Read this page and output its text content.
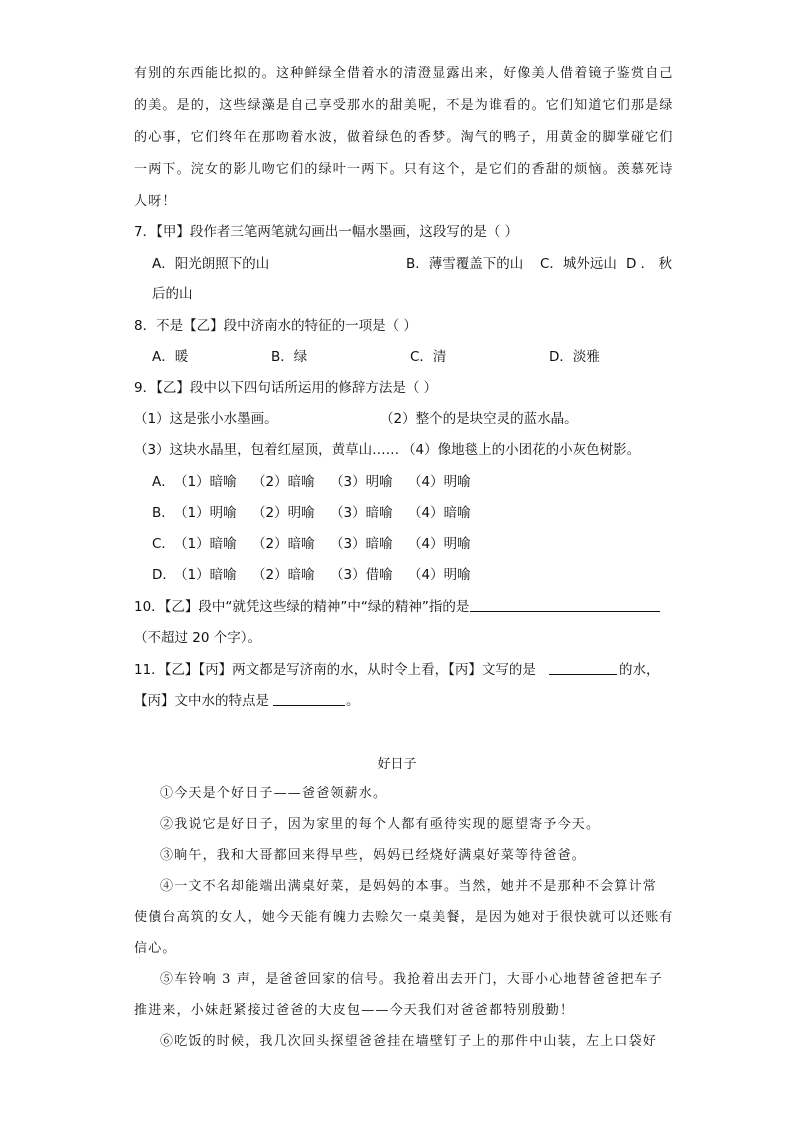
有别的东西能比拟的。这种鲜绿全借着水的清澄显露出来，好像美人借着镜子鉴赏自己
的美。是的，这些绿藻是自己享受那水的甜美呢，不是为谁看的。它们知道它们那是绿
的心事，它们终年在那吻着水波，做着绿色的香梦。淘气的鸭子，用黄金的脚掌碰它们
一两下。浣女的影儿吻它们的绿叶一两下。只有这个，是它们的香甜的烦恼。羡慕死诗
人呀！
7．【甲】段作者三笔两笔就勾画出一幅水墨画，这段写的是（ ）
A．阳光朗照下的山	B．薄雪覆盖下的山 C．城外远山 D ． 秋
后的山
8．不是【乙】段中济南水的特征的一项是（ ）
A．暖	B．绿	C．清	D．淡雅
9．【乙】段中以下四句话所运用的修辞方法是（ ）
（1）这是张小水墨画。	（2）整个的是块空灵的蓝水晶。
（3）这块水晶里，包着红屋顶，黄草山…… （4）像地毯上的小团花的小灰色树影。
A． （1）暗喻 （2）暗喻 （3）明喻 （4）明喻
B． （1）明喻 （2）明喻 （3）暗喻 （4）暗喻
C． （1）暗喻 （2）暗喻 （3）暗喻 （4）明喻
D．
（1）暗喻 （2）暗喻 （3）借喻 （4）明喻
10．【乙】段中“就凭这些绿的精神”中“绿的精神”指的是
（不超过 20 个字）。
11．【乙】【丙】两文都是写济南的水，从时令上看，【丙】文写的是	的水，
【丙】文中水的特点是	。
好日子
①今天是个好日子——爸爸领薪水。
②我说它是好日子，因为家里的每个人都有亟待实现的愿望寄予今天。
③晌午，我和大哥都回来得早些，妈妈已经烧好满桌好菜等待爸爸。
④一文不名却能端出满桌好菜，是妈妈的本事。当然，她并不是那种不会算计常
使債台高筑的女人，她今天能有魄力去赊欠一桌美餐，是因为她对于很快就可以还账有
信心。
⑤车铃响 3 声，是爸爸回家的信号。我抢着出去开门，大哥小心地替爸爸把车子
推进来，小妹赶紧接过爸爸的大皮包——今天我们对爸爸都特别殷勤！
⑥吃饭的时候，我几次回头探望爸爸挂在墙壁钉子上的那件中山装，左上口袋好
